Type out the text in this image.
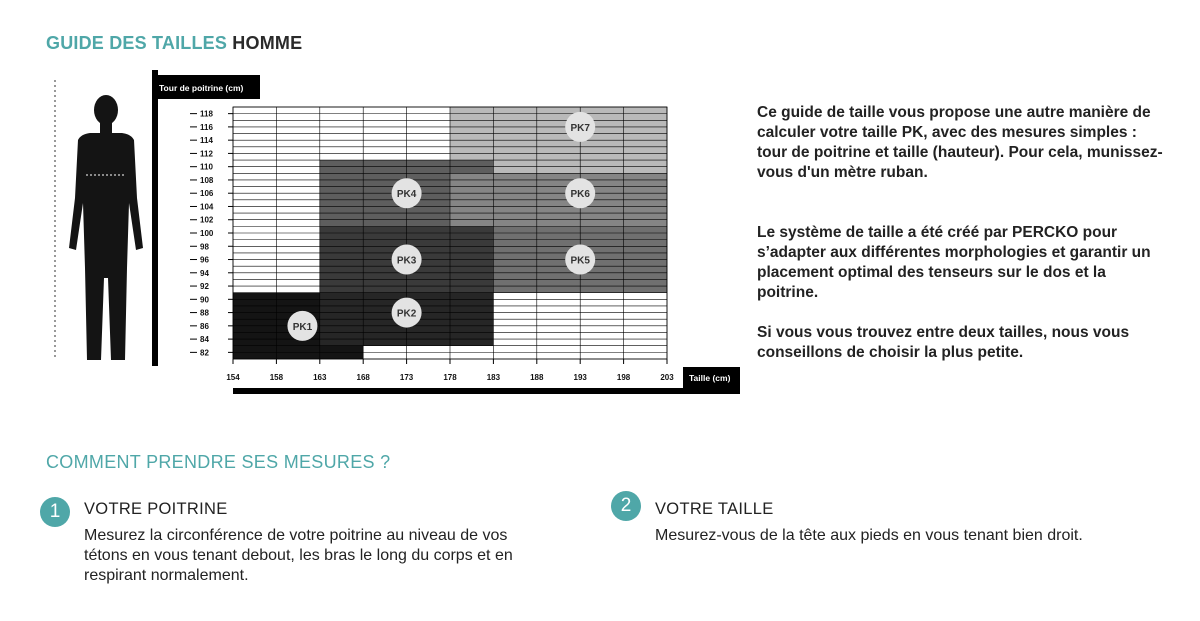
GUIDE DES TAILLES HOMME
Tour de poitrine (cm)
Taille (cm)
82
84
86
88
90
92
94
96
98
100
102
104
106
108
110
112
114
116
118
154	158	163	168	173	178	183	188	193	198	203
PK1
PK2
PK3
PK4
PK5
PK6
PK7
Ce guide de taille vous propose une autre manière de calculer votre taille PK, avec des mesures simples : tour de poitrine et taille (hauteur). Pour cela, munissez-vous d'un mètre ruban.
Le système de taille a été créé par PERCKO pour s’adapter aux différentes morphologies et garantir un placement optimal des tenseurs sur le dos et la poitrine.
Si vous vous trouvez entre deux tailles, nous vous conseillons de choisir la plus petite.
COMMENT PRENDRE SES MESURES ?
1	VOTRE POITRINE
Mesurez la circonférence de votre poitrine au niveau de vos tétons en vous tenant debout, les bras le long du corps et en respirant normalement.
2	VOTRE TAILLE
Mesurez-vous de la tête aux pieds en vous tenant bien droit.
